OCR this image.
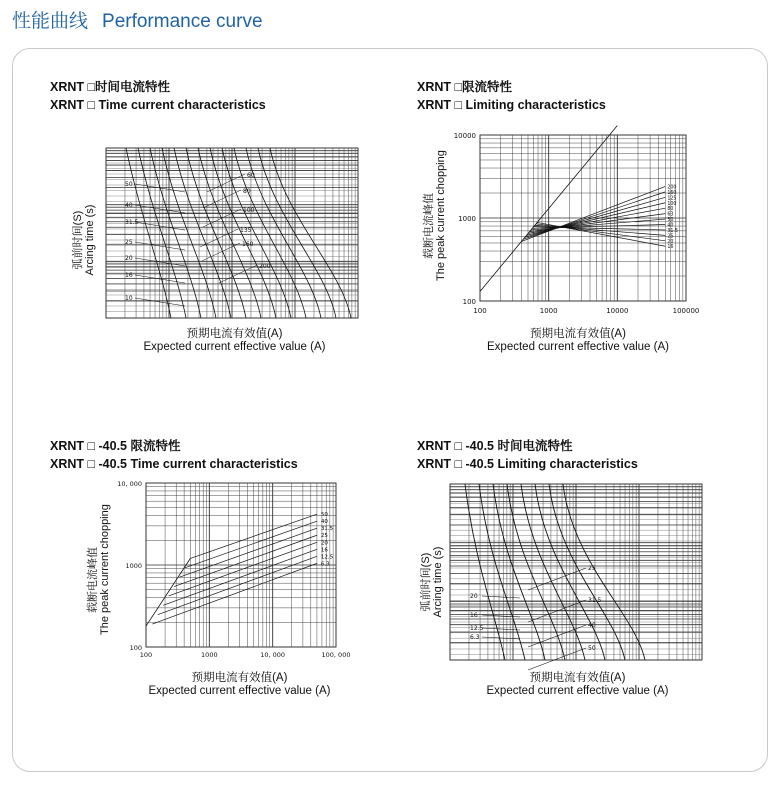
性能曲线 Performance curve
XRNT □时间电流特性
XRNT □ Time current characteristics
60
80
100
135
160
200
50
40
31.5
25
20
16
10
弧前时间(S) Arcing time (s)
预期电流有效值(A)
Expected current effective value (A)
XRNT □限流特性
XRNT □ Limiting characteristics
100	1000	10000	100000
100
1000
10000
200
160
125
100
80
63
50
40
31.5
25
20
16
载断电流峰值 The peak current chopping
预期电流有效值(A)
Expected current effective value (A)
XRNT □ -40.5 限流特性
XRNT □ -40.5 Time current characteristics
100	1000	10, 000	100, 000
100
1000
10, 000
50
40
31.5
25
20
16
12.5
6.3
载断电流峰值 The peak current chopping
预期电流有效值(A)
Expected current effective value (A)
XRNT □ -40.5 时间电流特性
XRNT □ -40.5 Limiting characteristics
25
20
31.5
16
40
12.5
6.3
50
弧前时间(S) Arcing time (s)
预期电流有效值(A)
Expected current effective value (A)
